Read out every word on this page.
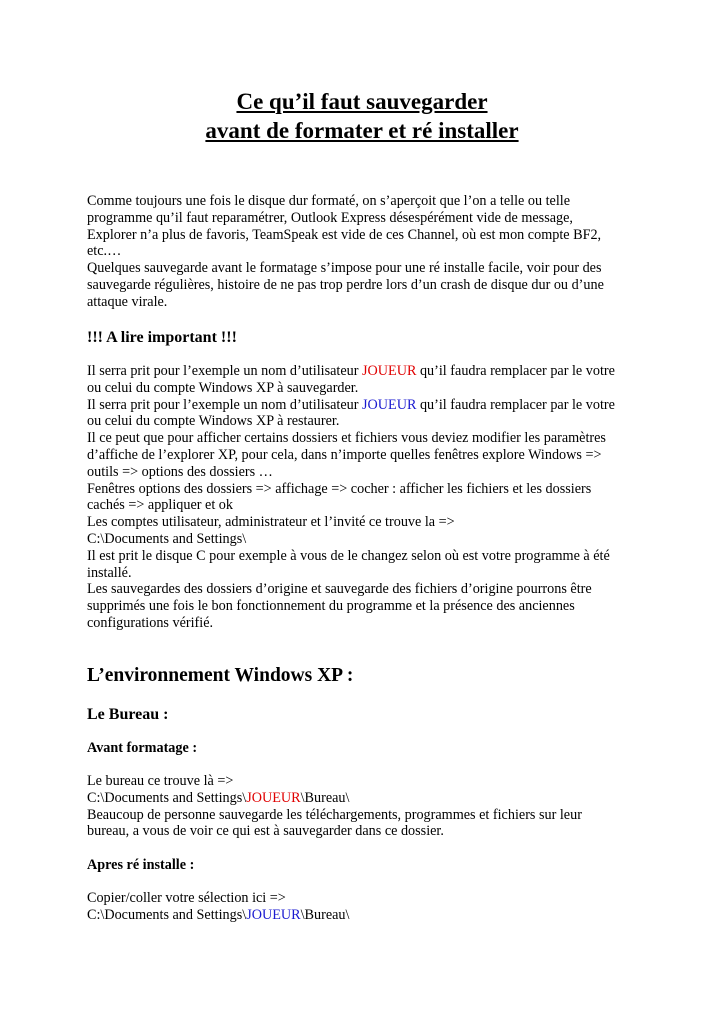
Ce qu’il faut sauvegarder
avant de formater et ré installer
Comme toujours une fois le disque dur formaté, on s’aperçoit que l’on a telle ou telle
programme qu’il faut reparamétrer, Outlook Express désespérément vide de message,
Explorer n’a plus de favoris, TeamSpeak est vide de ces Channel, où est mon compte BF2,
etc.…
Quelques sauvegarde avant le formatage s’impose pour une ré installe facile, voir pour des
sauvegarde régulières, histoire de ne pas trop perdre lors d’un crash de disque dur ou d’une
attaque virale.
!!! A lire important !!!
Il serra prit pour l’exemple un nom d’utilisateur JOUEUR qu’il faudra remplacer par le votre
ou celui du compte Windows XP à sauvegarder.
Il serra prit pour l’exemple un nom d’utilisateur JOUEUR qu’il faudra remplacer par le votre
ou celui du compte Windows XP à restaurer.
Il ce peut que pour afficher certains dossiers et fichiers vous deviez modifier les paramètres
d’affiche de l’explorer XP, pour cela, dans n’importe quelles fenêtres explore Windows =>
outils => options des dossiers …
Fenêtres options des dossiers => affichage => cocher : afficher les fichiers et les dossiers
cachés => appliquer et ok
Les comptes utilisateur, administrateur et l’invité ce trouve la =>
C:\Documents and Settings\
Il est prit le disque C pour exemple à vous de le changez selon où est votre programme à été
installé.
Les sauvegardes des dossiers d’origine et sauvegarde des fichiers d’origine pourrons être
supprimés une fois le bon fonctionnement du programme et la présence des anciennes
configurations vérifié.
L’environnement Windows XP :
Le Bureau :
Avant formatage :
Le bureau ce trouve là =>
C:\Documents and Settings\JOUEUR\Bureau\
Beaucoup de personne sauvegarde les téléchargements, programmes et fichiers sur leur
bureau, a vous de voir ce qui est à sauvegarder dans ce dossier.
Apres ré installe :
Copier/coller votre sélection ici =>
C:\Documents and Settings\JOUEUR\Bureau\
